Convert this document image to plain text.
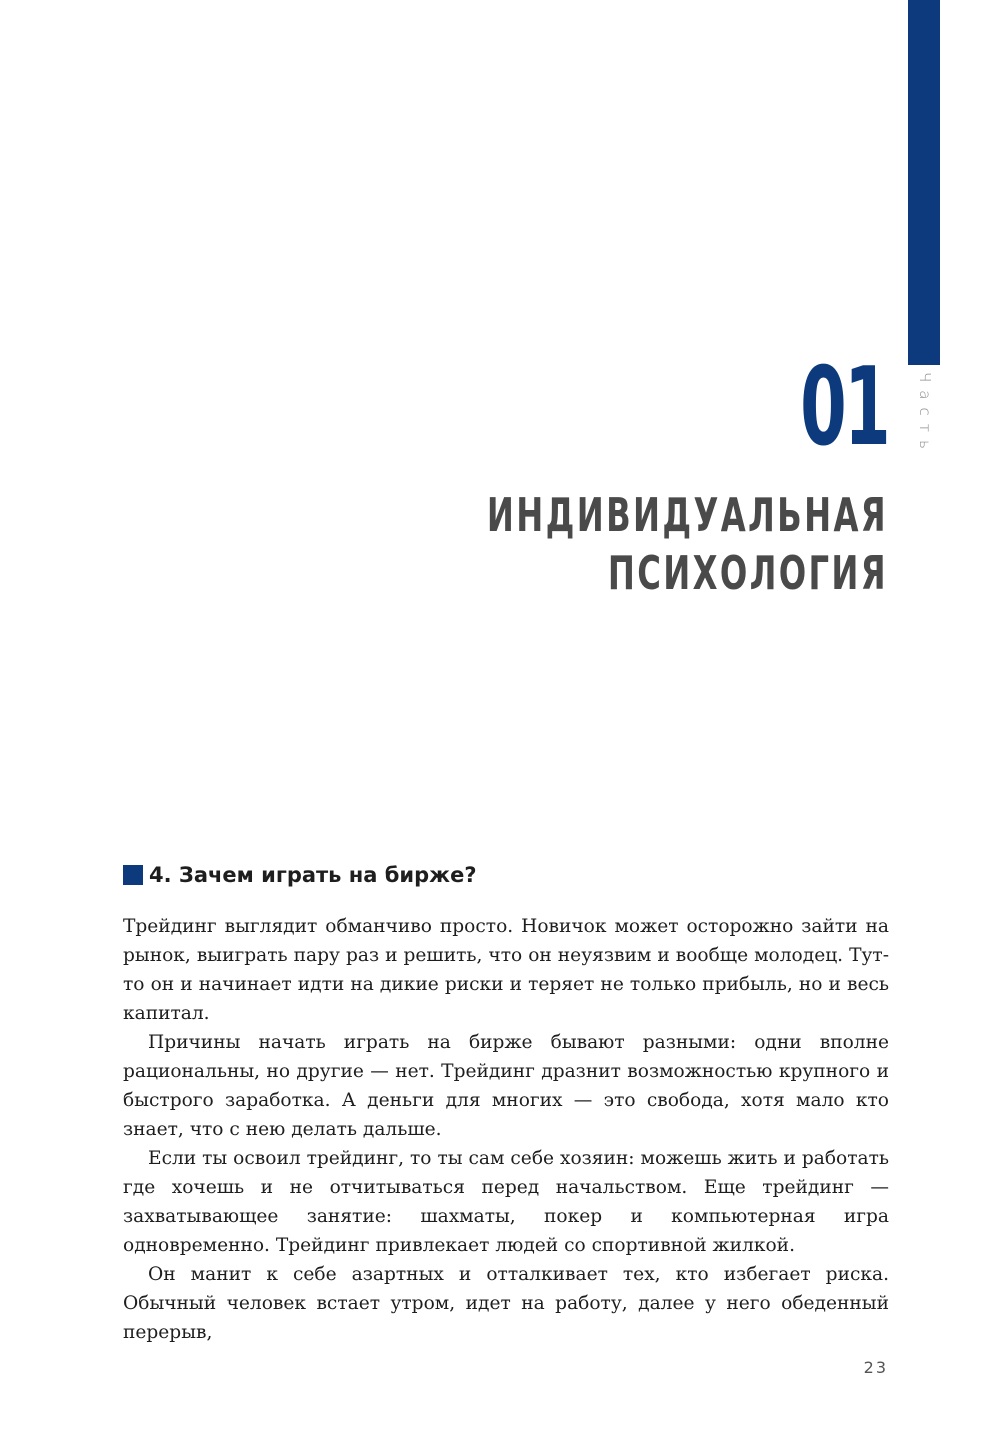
Часть
01
ИНДИВИДУАЛЬНАЯ
ПСИХОЛОГИЯ
4. Зачем играть на бирже?

Трейдинг выглядит обманчиво просто. Новичок может осторожно зайти на рынок, выиграть пару раз и решить, что он неуязвим и вообще молодец. Тут-то он и начинает идти на дикие риски и теряет не только прибыль, но и весь капитал.

Причины начать играть на бирже бывают разными: одни вполне рациональны, но другие — нет. Трейдинг дразнит возможностью крупного и быстрого заработка. А деньги для многих — это свобода, хотя мало кто знает, что с нею делать дальше.

Если ты освоил трейдинг, то ты сам себе хозяин: можешь жить и работать где хочешь и не отчитываться перед начальством. Еще трейдинг — захватывающее занятие: шахматы, покер и компьютерная игра одновременно. Трейдинг привлекает людей со спортивной жилкой.

Он манит к себе азартных и отталкивает тех, кто избегает риска. Обычный человек встает утром, идет на работу, далее у него обеденный перерыв,

23
